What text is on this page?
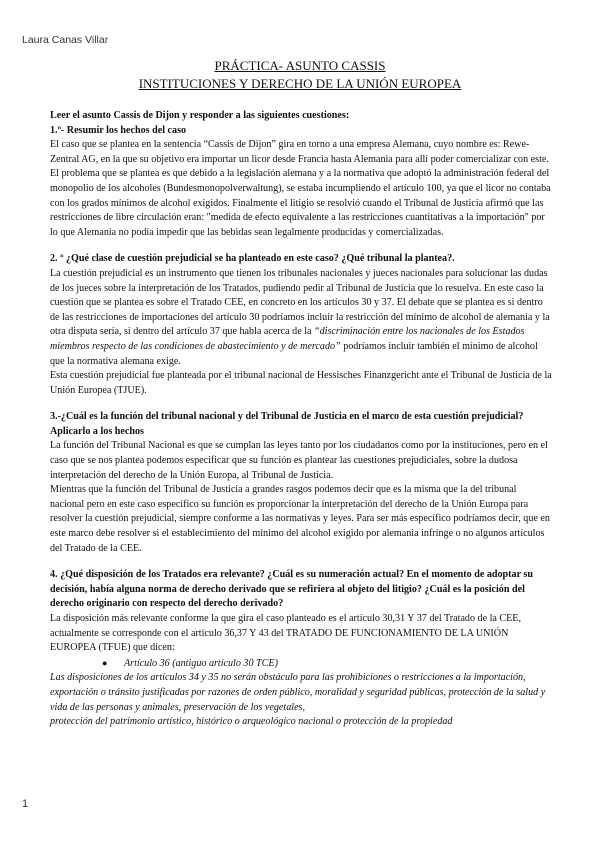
Laura Canas Villar
PRÁCTICA- ASUNTO CASSIS
INSTITUCIONES Y DERECHO DE LA UNIÓN EUROPEA

Leer el asunto Cassis de Dijon y responder a las siguientes cuestiones:

1.º- Resumir los hechos del caso

El caso que se plantea en la sentencia “Cassis de Dijon” gira en torno a una empresa Alemana, cuyo nombre es: Rewe-Zentral AG, en la que su objetivo era importar un licor desde Francia hasta Alemania para allí poder comercializar con este. El problema que se plantea es que debido a la legislación alemana y a la normativa que adoptó la administración federal del monopolio de los alcoholes (Bundesmonopolverwaltung), se estaba incumpliendo el artículo 100, ya que el licor no contaba con los grados mínimos de alcohol exigidos. Finalmente el litigio se resolvió cuando el Tribunal de Justicia afirmó que las restricciones de libre circulación eran: "medida de efecto equivalente a las restricciones cuantitativas a la importación" por lo que Alemania no podía impedir que las bebidas sean legalmente producidas y comercializadas.

2. º ¿Qué clase de cuestión prejudicial se ha planteado en este caso? ¿Qué tribunal la plantea?.

La cuestión prejudicial es un instrumento que tienen los tribunales nacionales y jueces nacionales para solucionar las dudas de los jueces sobre la interpretación de los Tratados, pudiendo pedir al Tribunal de Justicia que lo resuelva. En este caso la cuestión que se plantea es sobre el Tratado CEE, en concreto en los artículos 30 y 37. El debate que se plantea es si dentro de las restricciones de importaciones del artículo 30 podríamos incluir la restricción del mínimo de alcohol de alemania y la otra disputa sería, si dentro del artículo 37 que habla acerca de la “discriminación entre los nacionales de los Estados miembros respecto de las condiciones de abastecimiento y de mercado” podríamos incluir también el mínimo de alcohol que la normativa alemana exige.

Esta cuestión prejudicial fue planteada por el tribunal nacional de Hessisches Finanzgericht ante el Tribunal de Justicia de la Unión Europea (TJUE).

3.-¿Cuál es la función del tribunal nacional y del Tribunal de Justicia en el marco de esta cuestión prejudicial? Aplicarlo a los hechos

La función del Tribunal Nacional es que se cumplan las leyes tanto por los ciudadanos como por la instituciones, pero en el caso que se nos plantea podemos especificar que su función es plantear las cuestiones prejudiciales, sobre la dudosa interpretación del derecho de la Unión Europa, al Tribunal de Justicia.

Mientras que la función del Tribunal de Justicia a grandes rasgos podemos decir que es la misma que la del tribunal nacional pero en este caso específico su función es proporcionar la interpretación del derecho de la Unión Europa para resolver la cuestión prejudicial, siempre conforme a las normativas y leyes. Para ser más específico podríamos decir, que en este marco debe resolver si el establecimiento del mínimo del alcohol exigido por alemania infringe o no algunos artículos del Tratado de la CEE.

4. ¿Qué disposición de los Tratados era relevante? ¿Cuál es su numeración actual? En el momento de adoptar su decisión, había alguna norma de derecho derivado que se refiriera al objeto del litigio? ¿Cuál es la posición del derecho originario con respecto del derecho derivado?

La disposición más relevante conforme la que gira el caso planteado es el artículo 30,31 Y 37 del Tratado de la CEE, actualmente se corresponde con el artículo 36,37 Y 43 del TRATADO DE FUNCIONAMIENTO DE LA UNIÓN EUROPEA (TFUE) que dicen:

●	Artículo 36 (antiguo artículo 30 TCE)

Las disposiciones de los artículos 34 y 35 no serán obstáculo para las prohibiciones o restricciones a la importación, exportación o tránsito justificadas por razones de orden público, moralidad y seguridad públicas, protección de la salud y vida de las personas y animales, preservación de los vegetales,

protección del patrimonio artístico, histórico o arqueológico nacional o protección de la propiedad

1
